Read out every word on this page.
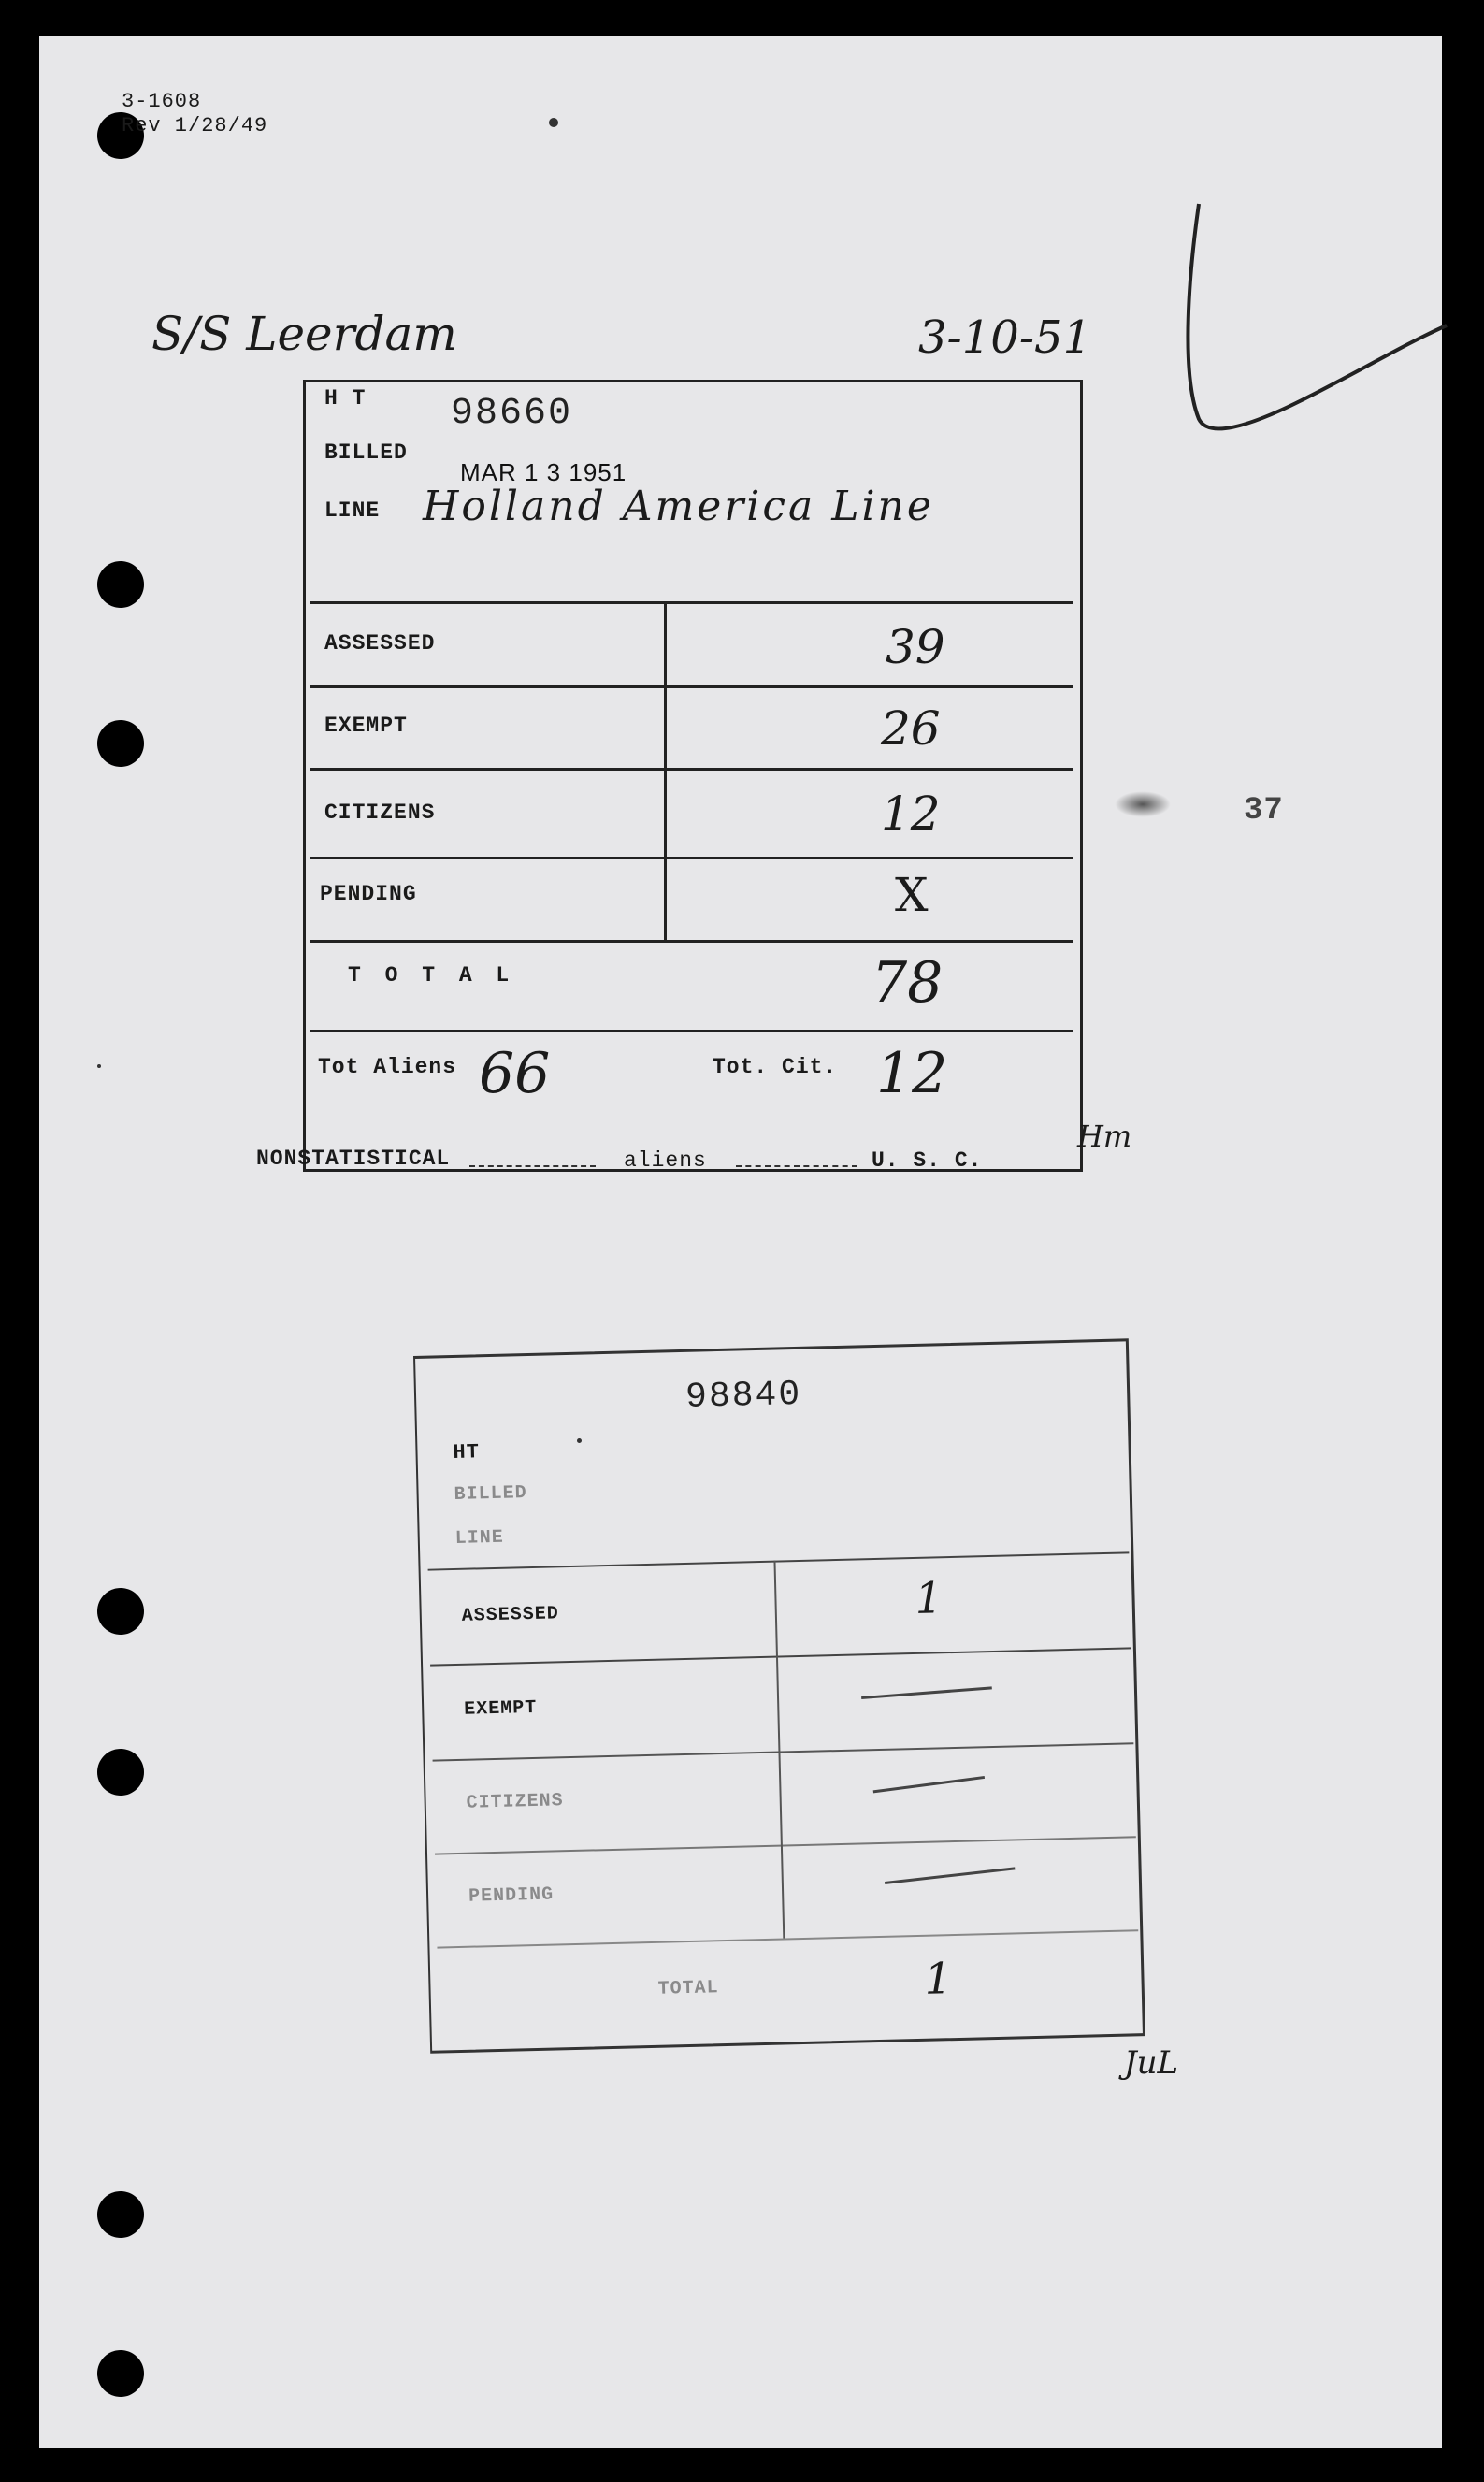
3-1608
Rev 1/28/49
S/S Leerdam	3-10-51
H T 98660
BILLED
MAR 1 3 1951
LINE Holland America Line
ASSESSED	39
EXEMPT	26
CITIZENS	12
PENDING	X
T O T A L	78
Tot Aliens 66	Tot. Cit. 12
Hm
NONSTATISTICAL	aliens	U. S. C.
37
98840
HT
BILLED
LINE
ASSESSED	1
EXEMPT
CITIZENS
PENDING
TOTAL	1
JuL
